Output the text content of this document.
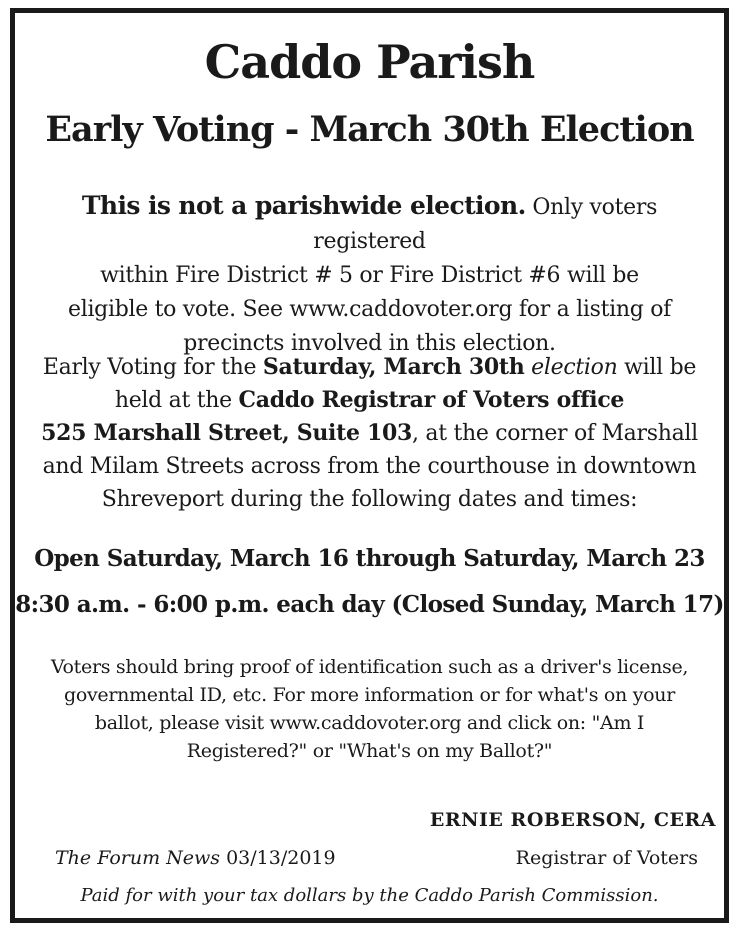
Caddo Parish
Early Voting - March 30th Election
This is not a parishwide election. Only voters registered
within Fire District # 5 or Fire District #6 will be
eligible to vote. See www.caddovoter.org for a listing of
precincts involved in this election.
Early Voting for the Saturday, March 30th election will be
held at the Caddo Registrar of Voters office
525 Marshall Street, Suite 103, at the corner of Marshall
and Milam Streets across from the courthouse in downtown
Shreveport during the following dates and times:
Open Saturday, March 16 through Saturday, March 23
8:30 a.m. - 6:00 p.m. each day (Closed Sunday, March 17)
Voters should bring proof of identification such as a driver's license,
governmental ID, etc. For more information or for what's on your
ballot, please visit www.caddovoter.org and click on: "Am I
Registered?" or "What's on my Ballot?"
ERNIE ROBERSON, CERA
The Forum News 03/13/2019	Registrar of Voters
Paid for with your tax dollars by the Caddo Parish Commission.
